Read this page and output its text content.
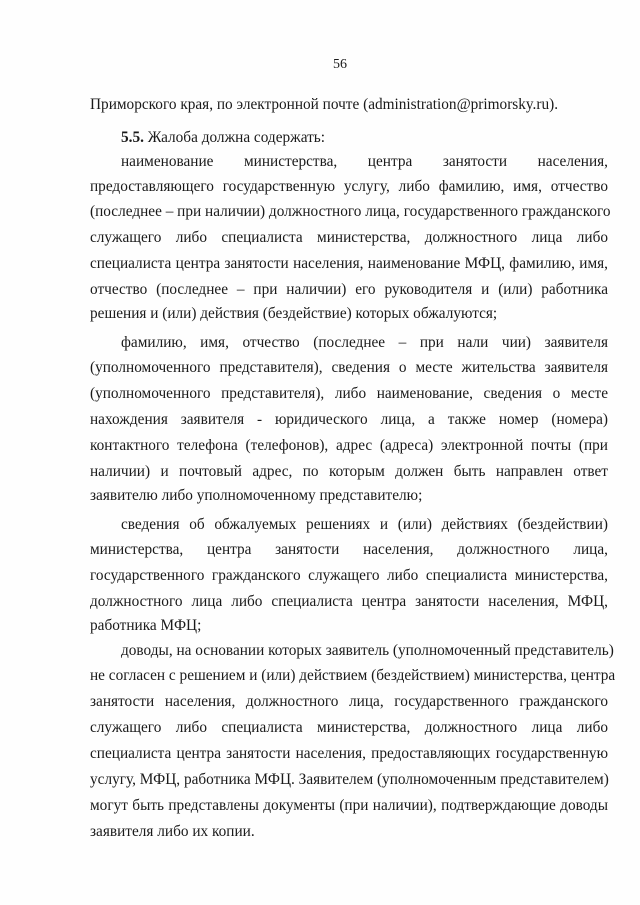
56
Приморского края, по электронной почте (administration@primorsky.ru).
5.5. Жалоба должна содержать:
наименование министерства, центра занятости населения,
предоставляющего государственную услугу, либо фамилию, имя, отчество
(последнее – при наличии) должностного лица, государственного гражданского
служащего либо специалиста министерства, должностного лица либо
специалиста центра занятости населения, наименование МФЦ, фамилию, имя,
отчество (последнее – при наличии) его руководителя и (или) работника
решения и (или) действия (бездействие) которых обжалуются;
фамилию, имя, отчество (последнее – при нали чии) заявителя
(уполномоченного представителя), сведения о месте жительства заявителя
(уполномоченного представителя), либо наименование, сведения о месте
нахождения заявителя - юридического лица, а также номер (номера)
контактного телефона (телефонов), адрес (адреса) электронной почты (при
наличии) и почтовый адрес, по которым должен быть направлен ответ
заявителю либо уполномоченному представителю;
сведения об обжалуемых решениях и (или) действиях (бездействии)
министерства, центра занятости населения, должностного лица,
государственного гражданского служащего либо специалиста министерства,
должностного лица либо специалиста центра занятости населения, МФЦ,
работника МФЦ;
доводы, на основании которых заявитель (уполномоченный представитель)
не согласен с решением и (или) действием (бездействием) министерства, центра
занятости населения, должностного лица, государственного гражданского
служащего либо специалиста министерства, должностного лица либо
специалиста центра занятости населения, предоставляющих государственную
услугу, МФЦ, работника МФЦ. Заявителем (уполномоченным представителем)
могут быть представлены документы (при наличии), подтверждающие доводы
заявителя либо их копии.
